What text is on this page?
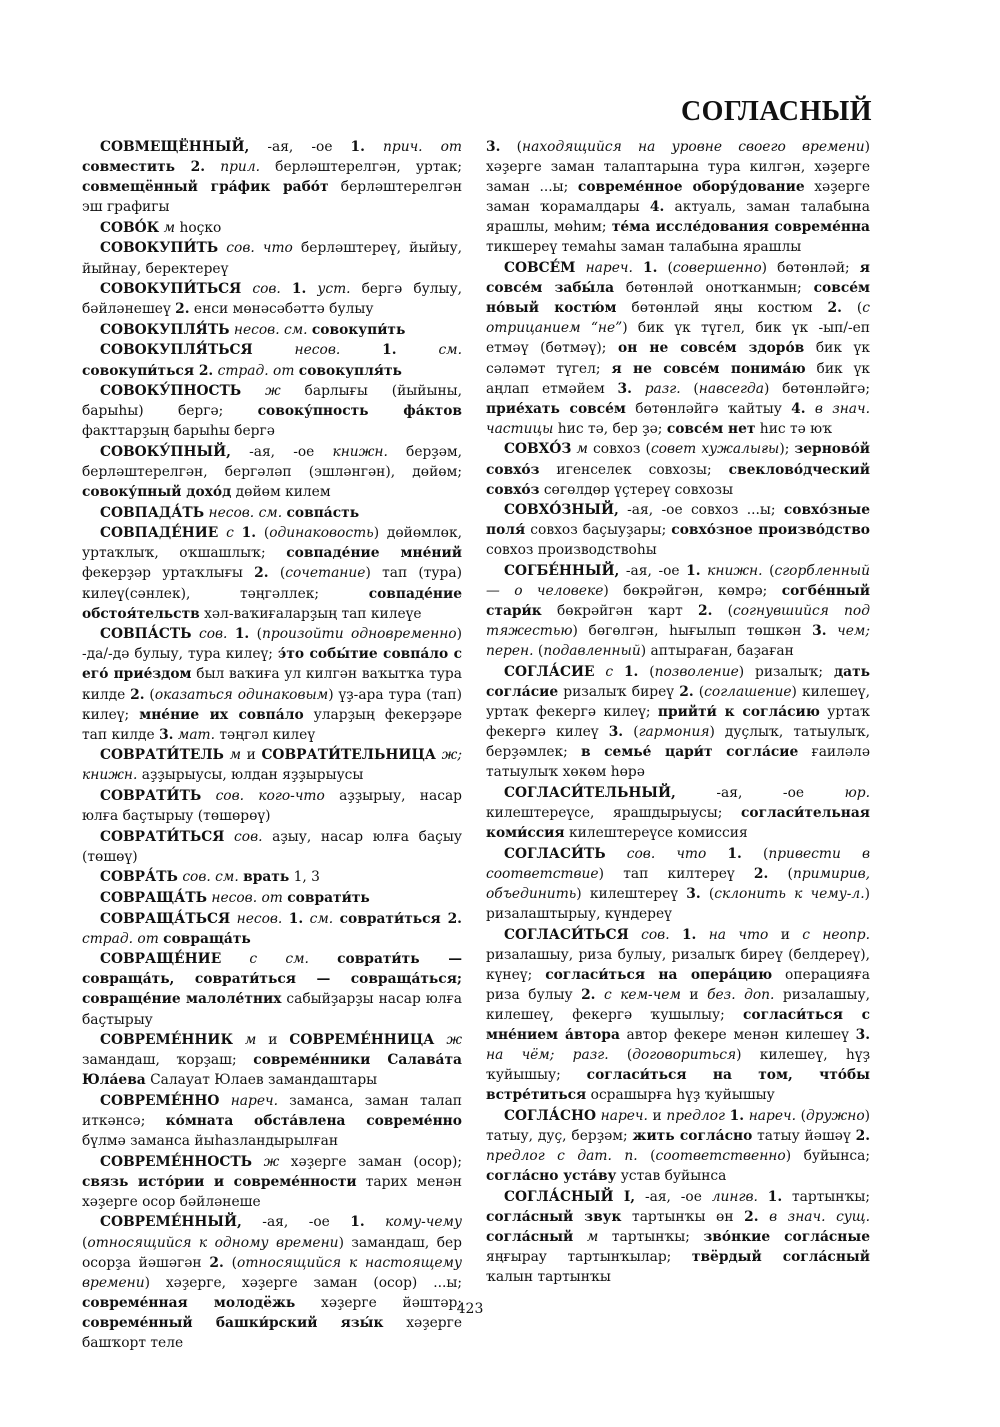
СОГЛАСНЫЙ

СОВМЕЩЁННЫЙ, -ая, -ое 1. прич. от совместить 2. прил. берләштерелгән, уртак; совмещённый гра́фик рабо́т берләштерелгән эш графигы

СОВО́К м һоҫко

СОВОКУПИ́ТЬ сов. что берләштереү, йыйыу, йыйнау, беректереү

СОВОКУПИ́ТЬСЯ сов. 1. уст. бергә булыу, бәйләнешеү 2. енси мөнәсәбәттә булыу

СОВОКУПЛЯ́ТЬ несов. см. совокупи́ть

СОВОКУПЛЯ́ТЬСЯ	несов.	1.	см. совокупи́ться 2. страд. от совокупля́ть

СОВОКУ́ПНОСТЬ ж барлығы (йыйыны, барыһы) бергә; совоку́пность фа́ктов факттарҙың барыһы бергә

СОВОКУ́ПНЫЙ, -ая, -ое книжн. берҙәм, берләштерелгән, бергәләп (эшләнгән), дөйөм; совоку́пный дохо́д дөйөм килем

СОВПАДА́ТЬ несов. см. совпа́сть

СОВПАДЕ́НИЕ с 1. (одинаковость) дөйөмлөк, уртаҡлыҡ, оҡшашлыҡ; совпаде́ние мне́ний фекерҙәр уртаҡлығы 2. (сочетание) тап (тура) килеү(сәнлек), тәңгәллек; совпаде́ние обстоя́тельств хәл-ваҡиғаларҙың тап килеүе

СОВПА́СТЬ сов. 1. (произойти одновременно) -да/-дә булыу, тура килеү; э́то собы́тие совпа́ло с его́ прие́здом был ваҡиға ул килгән ваҡытҡа тура килде 2. (оказаться одинаковым) үҙ-ара тура (тап) килеү; мне́ние их совпа́ло уларҙың фекерҙәре тап килде 3. мат. тәңгәл килеү

СОВРАТИ́ТЕЛЬ м и СОВРАТИ́ТЕЛЬНИЦА ж; книжн. аҙҙырыусы, юлдан яҙҙырыусы

СОВРАТИ́ТЬ сов. кого-что аҙҙырыу, насар юлға баҫтырыу (төшөрөү)

СОВРАТИ́ТЬСЯ сов. аҙыу, насар юлға баҫыу (төшөү)

СОВРА́ТЬ сов. см. врать 1, 3

СОВРАЩА́ТЬ несов. от соврати́ть

СОВРАЩА́ТЬСЯ несов. 1. см. соврати́ться 2. страд. от совраща́ть

СОВРАЩЕ́НИЕ с см. соврати́ть — совраща́ть, соврати́ться — совраща́ться; совраще́ние малоле́тних сабыйҙарҙы насар юлға баҫтырыу

СОВРЕМЕ́ННИК м и СОВРЕМЕ́ННИЦА ж замандаш, ҡорҙаш; совреме́нники Салава́та Юла́ева Салауат Юлаев замандаштары

СОВРЕМЕ́ННО нареч. заманса, заман талап иткәнсә; ко́мната обста́влена совреме́нно бүлмә заманса йыһазландырылған

СОВРЕМЕ́ННОСТЬ ж хәҙерге заман (осор); связь исто́рии и совреме́нности тарих менән хәҙерге осор бәйләнеше

СОВРЕМЕ́ННЫЙ, -ая, -ое 1. кому-чему (относящийся к одному времени) замандаш, бер осорҙа йәшәгән 2. (относящийся к настоящему времени) хәҙерге, хәҙерге заман (осор) ...ы; совреме́нная молодёжь хәҙерге йәштәр; совреме́нный башки́рский язы́к хәҙерге башҡорт теле

3. (находящийся на уровне своего времени) хәҙерге заман талаптарына тура килгән, хәҙерге заман ...ы; совреме́нное обору́дование хәҙерге заман ҡорамалдары 4. актуаль, заман талабына ярашлы, мөһим; те́ма иссле́дования совреме́нна тикшереү темаһы заман талабына ярашлы

СОВСЕ́М нареч. 1. (совершенно) бөтөнләй; я совсе́м забы́ла бөтөнләй онотҡанмын; совсе́м но́вый костю́м бөтөнләй яңы костюм 2. (с отрицанием “не”) бик үк түгел, бик үк -ып/-еп етмәү (бөтмәү); он не совсе́м здоро́в бик үк сәләмәт түгел; я не совсе́м понима́ю бик үк аңлап етмәйем 3. разг. (навсегда) бөтөнләйгә; прие́хать совсе́м бөтөнләйгә ҡайтыу 4. в знач. частицы һис тә, бер ҙә; совсе́м нет һис тә юҡ

СОВХО́З м совхоз (совет хужалығы); зерново́й совхо́з игенселек совхозы; свеклово́дческий совхо́з сөгөлдөр үҫтереү совхозы

СОВХО́ЗНЫЙ, -ая, -ое совхоз ...ы; совхо́зные поля́ совхоз баҫыуҙары; совхо́зное произво́дство совхоз производствоһы

СОГБЕ́ННЫЙ, -ая, -ое 1. книжн. (сгорбленный — о человеке) бөкрәйгән, көмрә; согбе́нный стари́к бөкрәйгән ҡарт 2. (согнувшийся под тяжестью) бөгөлгән, һығылып төшкән 3. чем; перен. (подавленный) аптыраған, баҙаған

СОГЛА́СИЕ с 1. (позволение) ризалыҡ; дать согла́сие ризалыҡ биреү 2. (соглашение) килешеү, уртаҡ фекергә килеү; прийти́ к согла́сию уртаҡ фекергә килеү 3. (гармония) дуҫлыҡ, татыулыҡ, берҙәмлек; в семье́ цари́т согла́сие ғаиләлә татыулыҡ хөкөм һөрә

СОГЛАСИ́ТЕЛЬНЫЙ, -ая, -ое юр. килештереүсе, ярашдырыусы; согласи́тельная коми́ссия килештереүсе комиссия

СОГЛАСИ́ТЬ сов. что 1. (привести в соответствие) тап килтереү 2. (примирив, объединить) килештереү 3. (склонить к чему-л.) ризалаштырыу, күндереү

СОГЛАСИ́ТЬСЯ сов. 1. на что и с неопр. ризалашыу, риза булыу, ризалыҡ биреү (белдереү), күнеү; согласи́ться на опера́цию операцияға риза булыу 2. с кем-чем и без. доп. ризалашыу, килешеү, фекергә ҡушылыу; согласи́ться с мне́нием а́втора автор фекере менән килешеү 3. на чём; разг. (договориться) килешеү, һүҙ ҡуйышыу; согласи́ться на том, что́бы встре́титься осрашырға һүҙ ҡуйышыу

СОГЛА́СНО нареч. и предлог 1. нареч. (дружно) татыу, дуҫ, берҙәм; жить согла́сно татыу йәшәү 2. предлог с дат. п. (соответственно) буйынса; согла́сно уста́ву устав буйынса

СОГЛА́СНЫЙ I, -ая, -ое лингв. 1. тартынҡы; согла́сный звук тартынҡы өн 2. в знач. сущ. согла́сный м тартынҡы; зво́нкие согла́сные яңғырау тартынҡылар; твёрдый согла́сный ҡалын тартынҡы

423
